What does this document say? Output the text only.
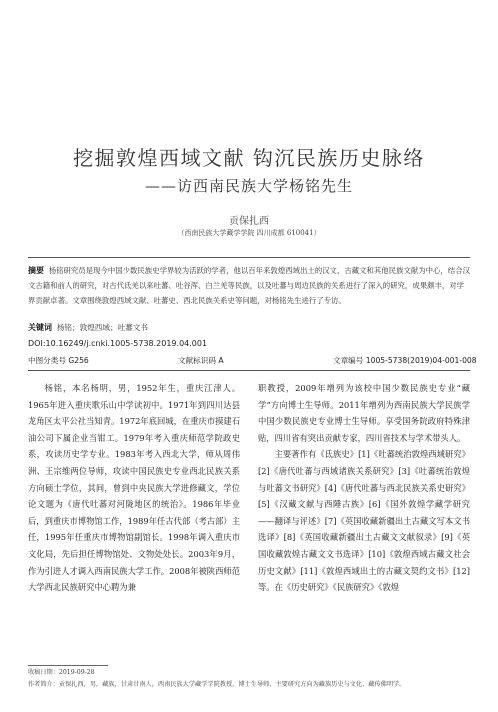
挖掘敦煌西域文献 钩沉民族历史脉络
——访西南民族大学杨铭先生
贡保扎西
（西南民族大学藏学学院 四川成都 610041）
摘要 杨铭研究员是现今中国少数民族史学界较为活跃的学者，他以百年来敦煌西域出土的汉文、古藏文和其他民族文献为中心，结合汉文古籍和前人的研究，对古代氐羌以来吐蕃、吐谷浑、白兰羌等民族，以及吐蕃与周边民族的关系进行了深入的研究，成果颇丰，对学界贡献卓著。文章围绕敦煌西域文献、吐蕃史、西北民族关系史等问题，对杨铭先生进行了专访。
关键词 杨铭；敦煌西域；吐蕃文书
DOI:10.16249/j.cnki.1005-5738.2019.04.001
中图分类号 G256	文献标识码 A	文章编号 1005-5738(2019)04-001-008

杨铭，本名杨明，男，1952年生，重庆江津人。1965年进入重庆歌乐山中学读初中。1971年到四川达县龙角区太平公社当知青。1972年底回城，在重庆市摸建石油公司下属企业当钳工。1979年考入重庆师范学院政史系，攻读历史学专业。1983年考入西北大学，师从周伟洲、王宗维两位导师，攻读中国民族史专业西北民族关系方向硕士学位，其间，曾到中央民族大学进修藏文，学位论文题为《唐代吐蕃对河陇地区的统治》。1986年毕业后，到重庆市博物馆工作，1989年任古代部（考古部）主任，1995年任重庆市博物馆副馆长。1998年调入重庆市文化局，先后担任博物馆处、文物处处长。2003年9月，作为引进人才调入西南民族大学工作。2008年被陕西师范大学西北民族研究中心聘为兼

职教授，2009年增列为该校中国少数民族史专业“藏学”方向博士生导师。2011年增列为西南民族大学民族学中国少数民族史专业博士生导师。享受国务院政府特殊津贴，四川省有突出贡献专家，四川省技术与学术带头人。

主要著作有《氐族史》[1]《吐蕃统治敦煌西域研究》[2]《唐代吐蕃与西域诸族关系研究》[3]《吐蕃统治敦煌与吐蕃文书研究》[4]《唐代吐蕃与西北民族关系史研究》[5]《汉藏文献与西陲古族》[6]《国外敦煌学藏学研究——翻译与评述》[7]《英国收藏新疆出土古藏文写本文书选译》[8]《英国收藏新疆出土古藏文文献叙录》[9]《英国收藏敦煌古藏文文书选译》[10]《敦煌西域古藏文社会历史文献》[11]《敦煌西域出土的古藏文契约文书》[12]等。在《历史研究》《民族研究》《敦煌

收稿日期：2019-09-28
作者简介：贡保扎西，男，藏族，甘肃甘南人，西南民族大学藏学学院教授，博士生导师，主要研究方向为藏族历史与文化、藏传佛明学。
